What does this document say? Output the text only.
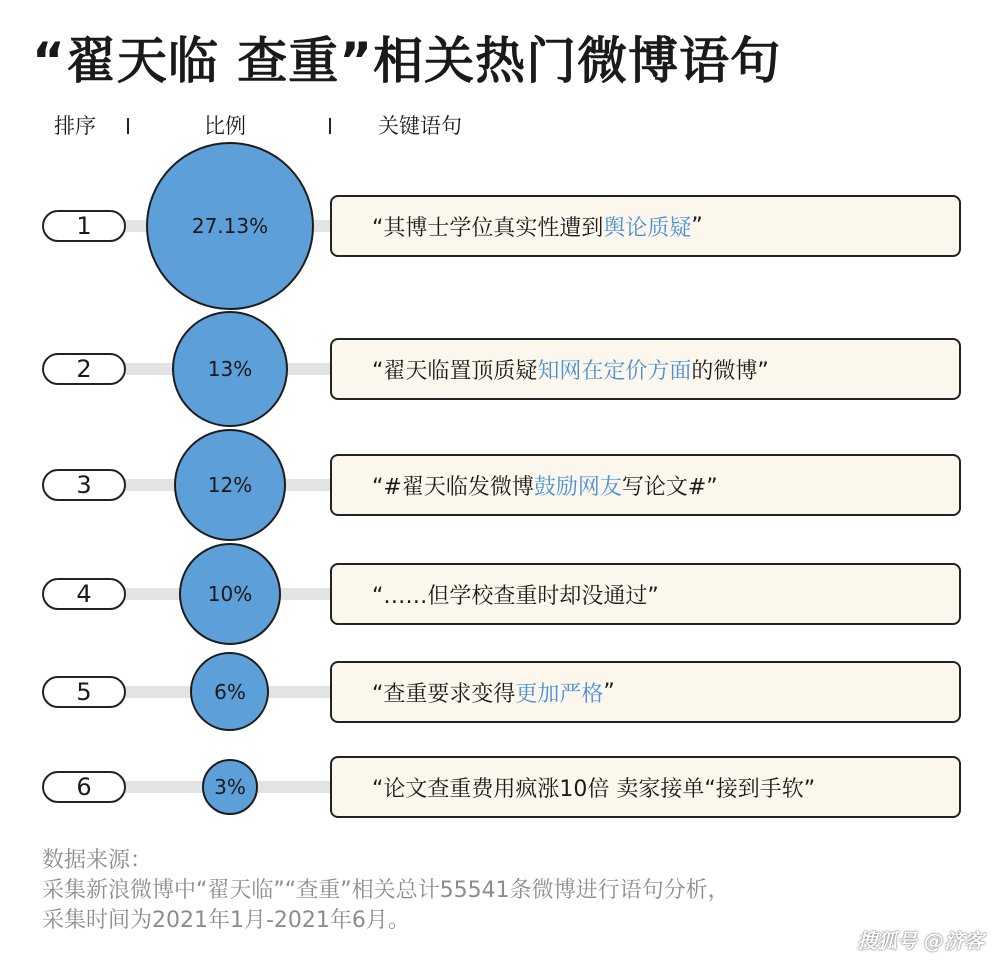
“翟天临 查重”相关热门微博语句
排序	比例	关键语句
1	27.13%	“其博士学位真实性遭到 舆论质疑 ”
2	13%	“翟天临置顶质疑 知网在定价方面 的微博”
3	12%	“#翟天临发微博 鼓励网友 写论文#”
4	10%	“……但学校查重时却没通过”
5	6%	“查重要求变得 更加严格 ”
6	3%	“论文查重费用疯涨10倍 卖家接单“接到手软”
数据来源：
采集新浪微博中“翟天临”“查重”相关总计55541条微博进行语句分析，
采集时间为2021年1月-2021年6月。
搜狐号 @济客
